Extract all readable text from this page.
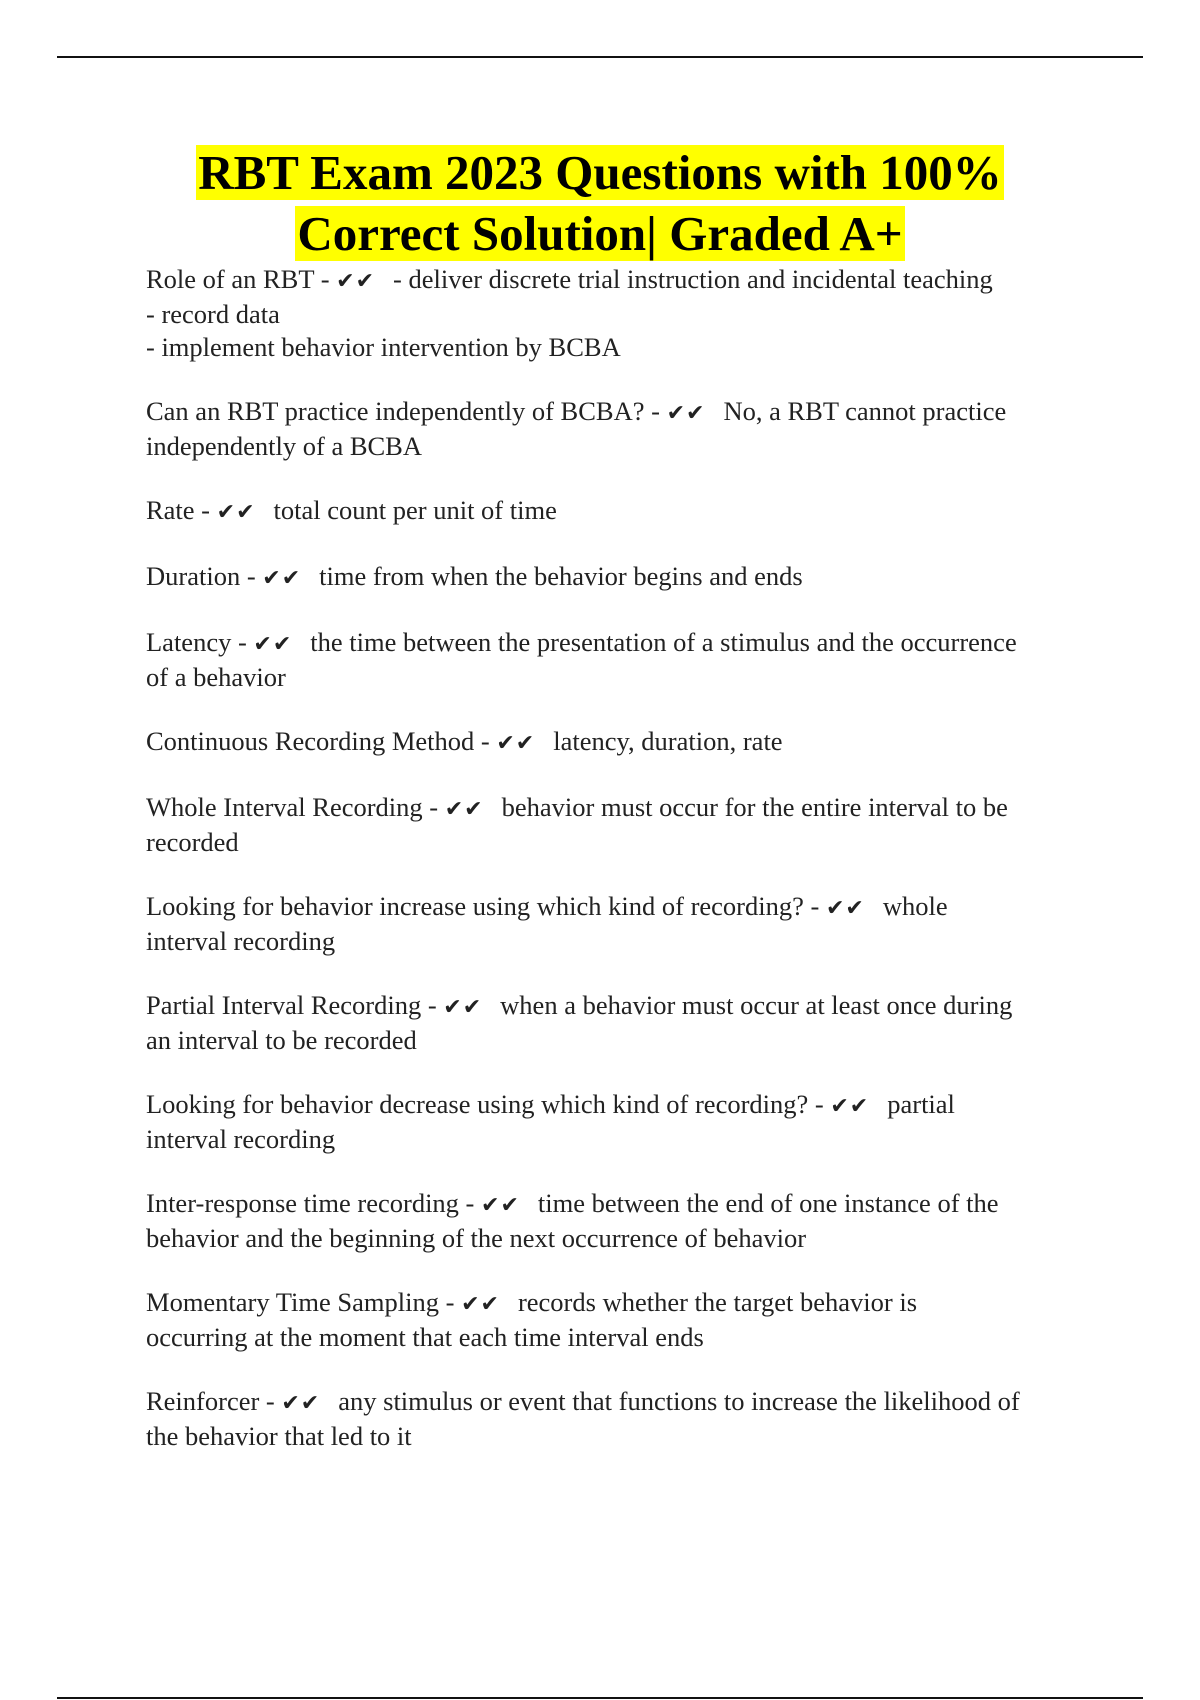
RBT Exam 2023 Questions with 100%
Correct Solution| Graded A+
Role of an RBT - ✔✔ - deliver discrete trial instruction and incidental teaching
- record data
- implement behavior intervention by BCBA
Can an RBT practice independently of BCBA? - ✔✔ No, a RBT cannot practice
independently of a BCBA
Rate - ✔✔ total count per unit of time
Duration - ✔✔ time from when the behavior begins and ends
Latency - ✔✔ the time between the presentation of a stimulus and the occurrence
of a behavior
Continuous Recording Method - ✔✔ latency, duration, rate
Whole Interval Recording - ✔✔ behavior must occur for the entire interval to be
recorded
Looking for behavior increase using which kind of recording? - ✔✔ whole
interval recording
Partial Interval Recording - ✔✔ when a behavior must occur at least once during
an interval to be recorded
Looking for behavior decrease using which kind of recording? - ✔✔ partial
interval recording
Inter-response time recording - ✔✔ time between the end of one instance of the
behavior and the beginning of the next occurrence of behavior
Momentary Time Sampling - ✔✔ records whether the target behavior is
occurring at the moment that each time interval ends
Reinforcer - ✔✔ any stimulus or event that functions to increase the likelihood of
the behavior that led to it
